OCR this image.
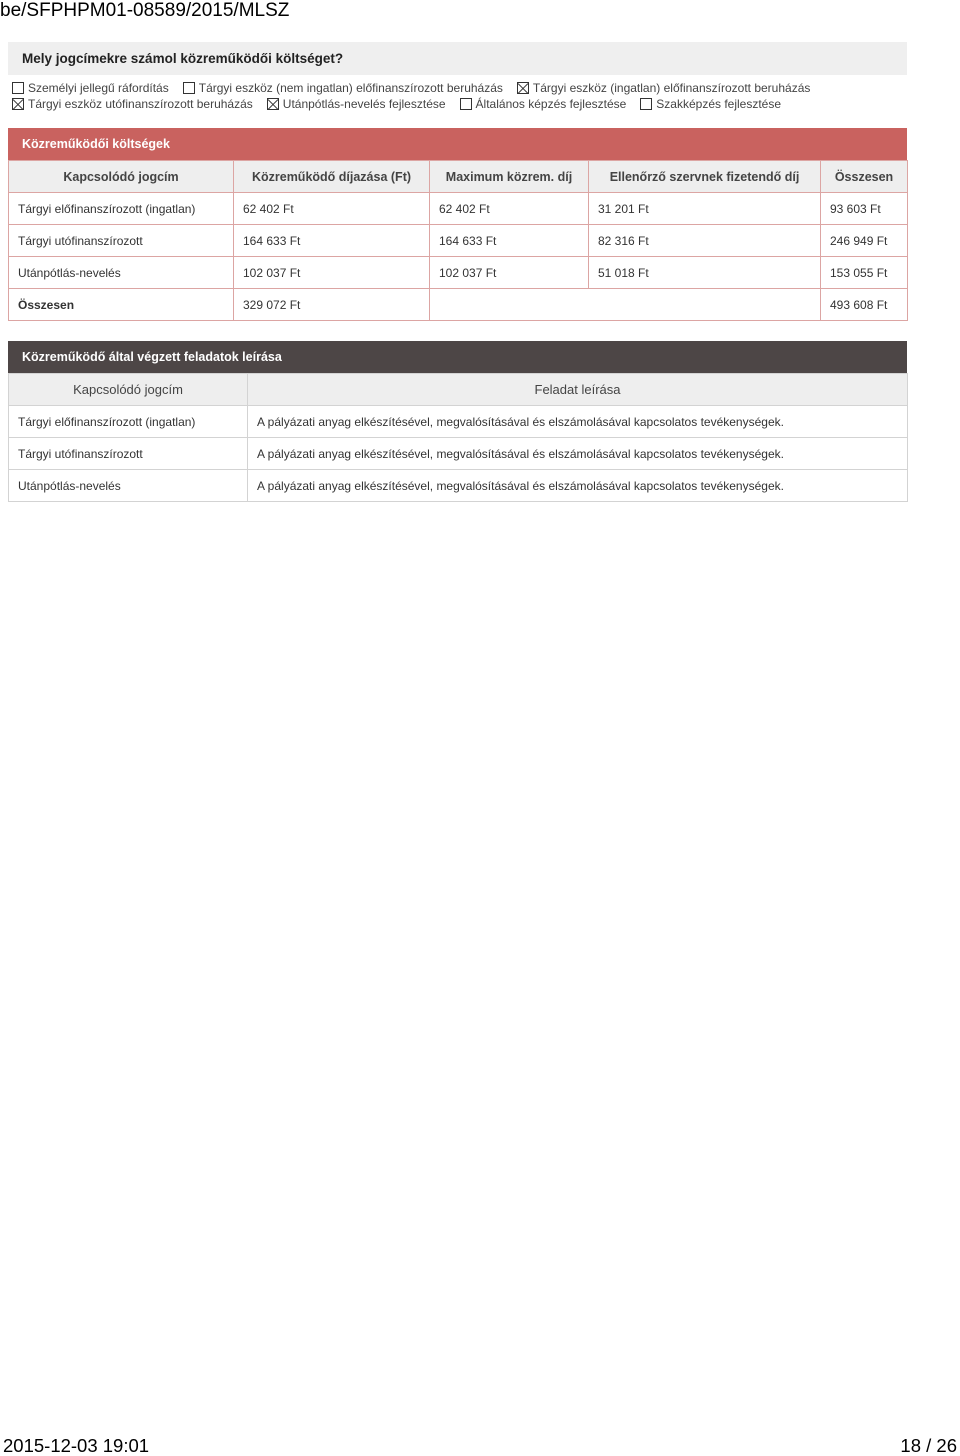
be/SFPHPM01-08589/2015/MLSZ
Mely jogcímekre számol közreműködői költséget?
Személyi jellegű ráfordítás	Tárgyi eszköz (nem ingatlan) előfinanszírozott beruházás	Tárgyi eszköz (ingatlan) előfinanszírozott beruházás
Tárgyi eszköz utófinanszírozott beruházás	Utánpótlás-nevelés fejlesztése	Általános képzés fejlesztése	Szakképzés fejlesztése
Közreműködői költségek
Kapcsolódó jogcím	Közreműködő díjazása (Ft)	Maximum közrem. díj	Ellenőrző szervnek fizetendő díj	Összesen
Tárgyi előfinanszírozott (ingatlan)	62 402 Ft	62 402 Ft	31 201 Ft	93 603 Ft
Tárgyi utófinanszírozott	164 633 Ft	164 633 Ft	82 316 Ft	246 949 Ft
Utánpótlás-nevelés	102 037 Ft	102 037 Ft	51 018 Ft	153 055 Ft
Összesen	329 072 Ft			493 608 Ft
Közreműködő által végzett feladatok leírása
Kapcsolódó jogcím	Feladat leírása
Tárgyi előfinanszírozott (ingatlan)	A pályázati anyag elkészítésével, megvalósításával és elszámolásával kapcsolatos tevékenységek.
Tárgyi utófinanszírozott	A pályázati anyag elkészítésével, megvalósításával és elszámolásával kapcsolatos tevékenységek.
Utánpótlás-nevelés	A pályázati anyag elkészítésével, megvalósításával és elszámolásával kapcsolatos tevékenységek.
2015-12-03 19:01	18 / 26
